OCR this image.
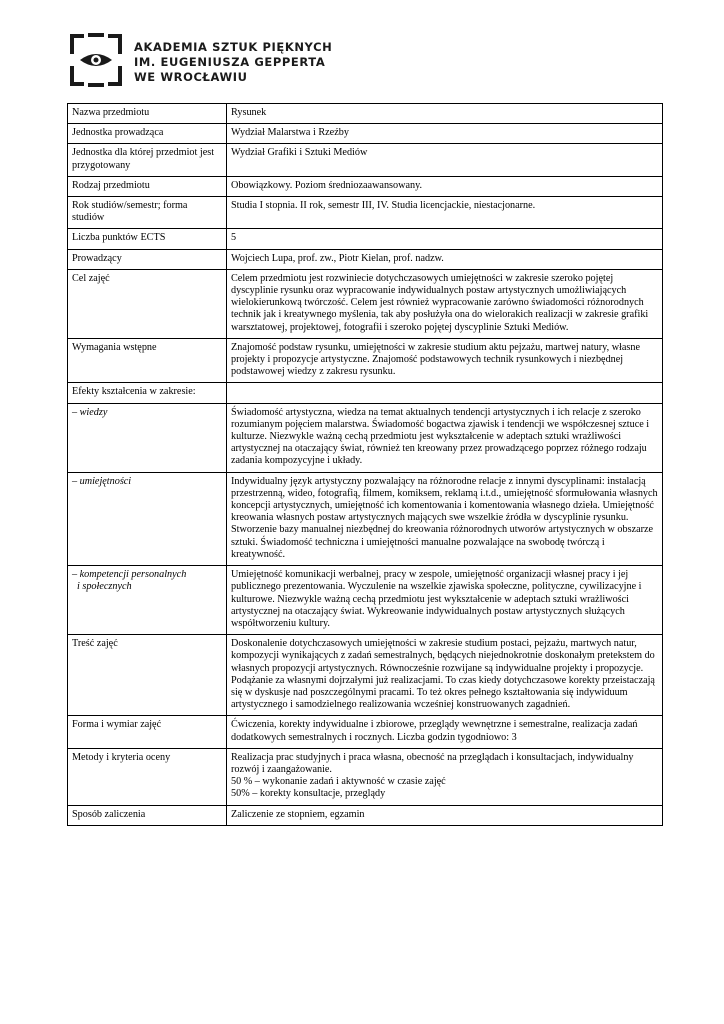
AKADEMIA SZTUK PIĘKNYCH
IM. EUGENIUSZA GEPPERTA
WE WROCŁAWIU
Nazwa przedmiotu	Rysunek
Jednostka prowadząca	Wydział Malarstwa i Rzeźby
Jednostka dla której przedmiot jest przygotowany	Wydział Grafiki i Sztuki Mediów
Rodzaj przedmiotu	Obowiązkowy. Poziom średniozaawansowany.
Rok studiów/semestr; forma studiów	Studia I stopnia. II rok, semestr III, IV. Studia licencjackie, niestacjonarne.
Liczba punktów ECTS	5
Prowadzący	Wojciech Lupa, prof. zw., Piotr Kielan, prof. nadzw.
Cel zajęć	Celem przedmiotu jest rozwiniecie dotychczasowych umiejętności w zakresie szeroko pojętej dyscyplinie rysunku oraz wypracowanie indywidualnych postaw artystycznych umożliwiających wielokierunkową twórczość. Celem jest również wypracowanie zarówno świadomości różnorodnych technik jak i kreatywnego myślenia, tak aby posłużyła ona do wielorakich realizacji w zakresie grafiki warsztatowej, projektowej, fotografii i szeroko pojętej dyscyplinie Sztuki Mediów.
Wymagania wstępne	Znajomość podstaw rysunku, umiejętności w zakresie studium aktu pejzażu, martwej natury, własne projekty i propozycje artystyczne. Znajomość podstawowych technik rysunkowych i niezbędnej podstawowej wiedzy z zakresu rysunku.
Efekty kształcenia w zakresie:	
– wiedzy	Świadomość artystyczna, wiedza na temat aktualnych tendencji artystycznych i ich relacje z szeroko rozumianym pojęciem malarstwa. Świadomość bogactwa zjawisk i tendencji we współczesnej sztuce i kulturze. Niezwykle ważną cechą przedmiotu jest wykształcenie w adeptach sztuki wrażliwości artystycznej na otaczający świat, również ten kreowany przez prowadzącego poprzez różnego rodzaju zadania kompozycyjne i układy.
– umiejętności	Indywidualny język artystyczny pozwalający na różnorodne relacje z innymi dyscyplinami: instalacją przestrzenną, wideo, fotografią, filmem, komiksem, reklamą i.t.d., umiejętność sformułowania własnych koncepcji artystycznych, umiejętność ich komentowania i komentowania własnego dzieła. Umiejętność kreowania własnych postaw artystycznych mających swe wszelkie źródła w dyscyplinie rysunku. Stworzenie bazy manualnej niezbędnej do kreowania różnorodnych utworów artystycznych w obszarze sztuki. Świadomość techniczna i umiejętności manualne pozwalające na swobodę twórczą i kreatywność.
– kompetencji personalnych
i społecznych	Umiejętność komunikacji werbalnej, pracy w zespole, umiejętność organizacji własnej pracy i jej publicznego prezentowania. Wyczulenie na wszelkie zjawiska społeczne, polityczne, cywilizacyjne i kulturowe. Niezwykle ważną cechą przedmiotu jest wykształcenie w adeptach sztuki wrażliwości artystycznej na otaczający świat. Wykreowanie indywidualnych postaw artystycznych służących współtworzeniu kultury.
Treść zajęć	Doskonalenie dotychczasowych umiejętności w zakresie studium postaci, pejzażu, martwych natur, kompozycji wynikających z zadań semestralnych, będących niejednokrotnie doskonałym pretekstem do własnych propozycji artystycznych. Równocześnie rozwijane są indywidualne projekty i propozycje. Podążanie za własnymi dojrzałymi już realizacjami. To czas kiedy dotychczasowe korekty przeistaczają się w dyskusje nad poszczególnymi pracami. To też okres pełnego kształtowania się indywiduum artystycznego i samodzielnego realizowania wcześniej konstruowanych zagadnień.
Forma i wymiar zajęć	Ćwiczenia, korekty indywidualne i zbiorowe, przeglądy wewnętrzne i semestralne, realizacja zadań dodatkowych semestralnych i rocznych. Liczba godzin tygodniowo: 3
Metody i kryteria oceny	Realizacja prac studyjnych i praca własna, obecność na przeglądach i konsultacjach, indywidualny rozwój i zaangażowanie.
50 % – wykonanie zadań i aktywność w czasie zajęć
50% – korekty konsultacje, przeglądy

Sposób zaliczenia	Zaliczenie ze stopniem, egzamin
